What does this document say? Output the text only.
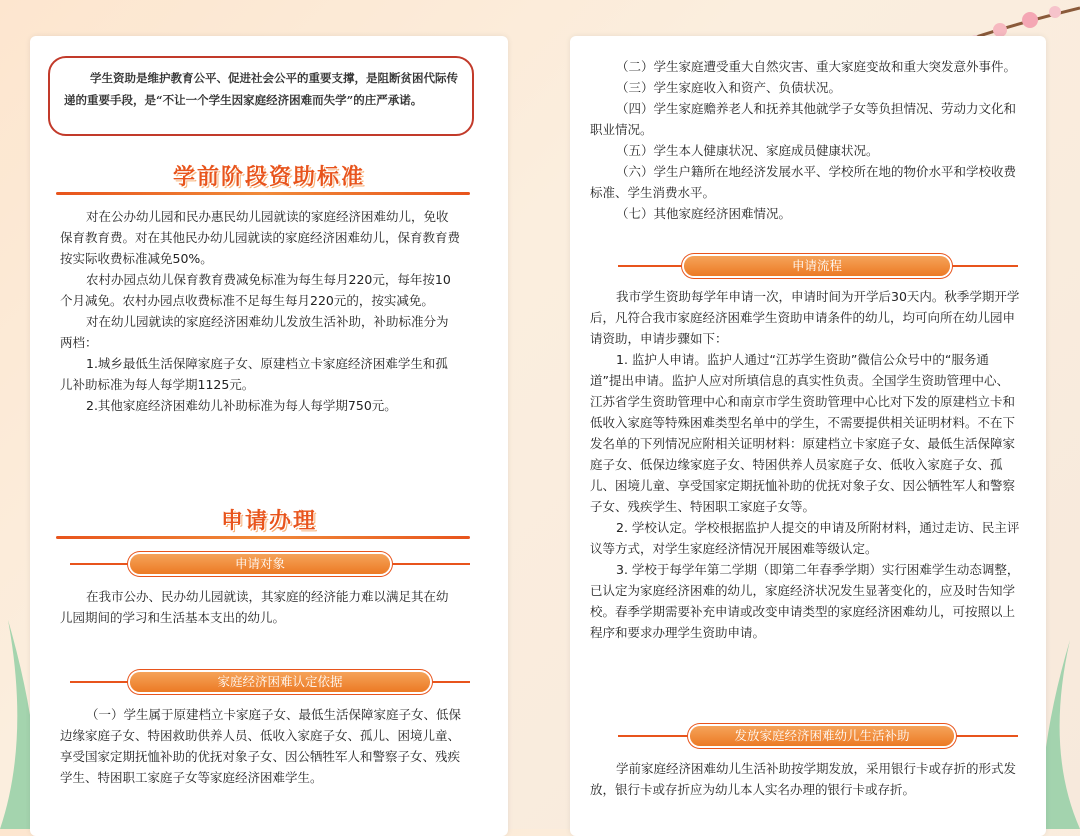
学生资助是维护教育公平、促进社会公平的重要支撑，是阻断贫困代际传递的重要手段，是“不让一个学生因家庭经济困难而失学”的庄严承诺。
学前阶段资助标准

对在公办幼儿园和民办惠民幼儿园就读的家庭经济困难幼儿，免收保育教育费。对在其他民办幼儿园就读的家庭经济困难幼儿，保育教育费按实际收费标准减免50%。

农村办园点幼儿保育教育费减免标准为每生每月220元，每年按10个月减免。农村办园点收费标准不足每生每月220元的，按实减免。

对在幼儿园就读的家庭经济困难幼儿发放生活补助，补助标准分为两档：

1.城乡最低生活保障家庭子女、原建档立卡家庭经济困难学生和孤儿补助标准为每人每学期1125元。

2.其他家庭经济困难幼儿补助标准为每人每学期750元。

申请办理
申请对象

在我市公办、民办幼儿园就读，其家庭的经济能力难以满足其在幼儿园期间的学习和生活基本支出的幼儿。

家庭经济困难认定依据

（一）学生属于原建档立卡家庭子女、最低生活保障家庭子女、低保边缘家庭子女、特困救助供养人员、低收入家庭子女、孤儿、困境儿童、享受国家定期抚恤补助的优抚对象子女、因公牺牲军人和警察子女、残疾学生、特困职工家庭子女等家庭经济困难学生。

（二）学生家庭遭受重大自然灾害、重大家庭变故和重大突发意外事件。

（三）学生家庭收入和资产、负债状况。

（四）学生家庭赡养老人和抚养其他就学子女等负担情况、劳动力文化和职业情况。

（五）学生本人健康状况、家庭成员健康状况。

（六）学生户籍所在地经济发展水平、学校所在地的物价水平和学校收费标准、学生消费水平。

（七）其他家庭经济困难情况。

申请流程

我市学生资助每学年申请一次，申请时间为开学后30天内。秋季学期开学后，凡符合我市家庭经济困难学生资助申请条件的幼儿，均可向所在幼儿园申请资助，申请步骤如下：

1. 监护人申请。监护人通过“江苏学生资助”微信公众号中的“服务通道”提出申请。监护人应对所填信息的真实性负责。全国学生资助管理中心、江苏省学生资助管理中心和南京市学生资助管理中心比对下发的原建档立卡和低收入家庭等特殊困难类型名单中的学生，不需要提供相关证明材料。不在下发名单的下列情况应附相关证明材料：原建档立卡家庭子女、最低生活保障家庭子女、低保边缘家庭子女、特困供养人员家庭子女、低收入家庭子女、孤儿、困境儿童、享受国家定期抚恤补助的优抚对象子女、因公牺牲军人和警察子女、残疾学生、特困职工家庭子女等。

2. 学校认定。学校根据监护人提交的申请及所附材料，通过走访、民主评议等方式，对学生家庭经济情况开展困难等级认定。

3. 学校于每学年第二学期（即第二年春季学期）实行困难学生动态调整，已认定为家庭经济困难的幼儿，家庭经济状况发生显著变化的，应及时告知学校。春季学期需要补充申请或改变申请类型的家庭经济困难幼儿，可按照以上程序和要求办理学生资助申请。

发放家庭经济困难幼儿生活补助

学前家庭经济困难幼儿生活补助按学期发放，采用银行卡或存折的形式发放，银行卡或存折应为幼儿本人实名办理的银行卡或存折。
